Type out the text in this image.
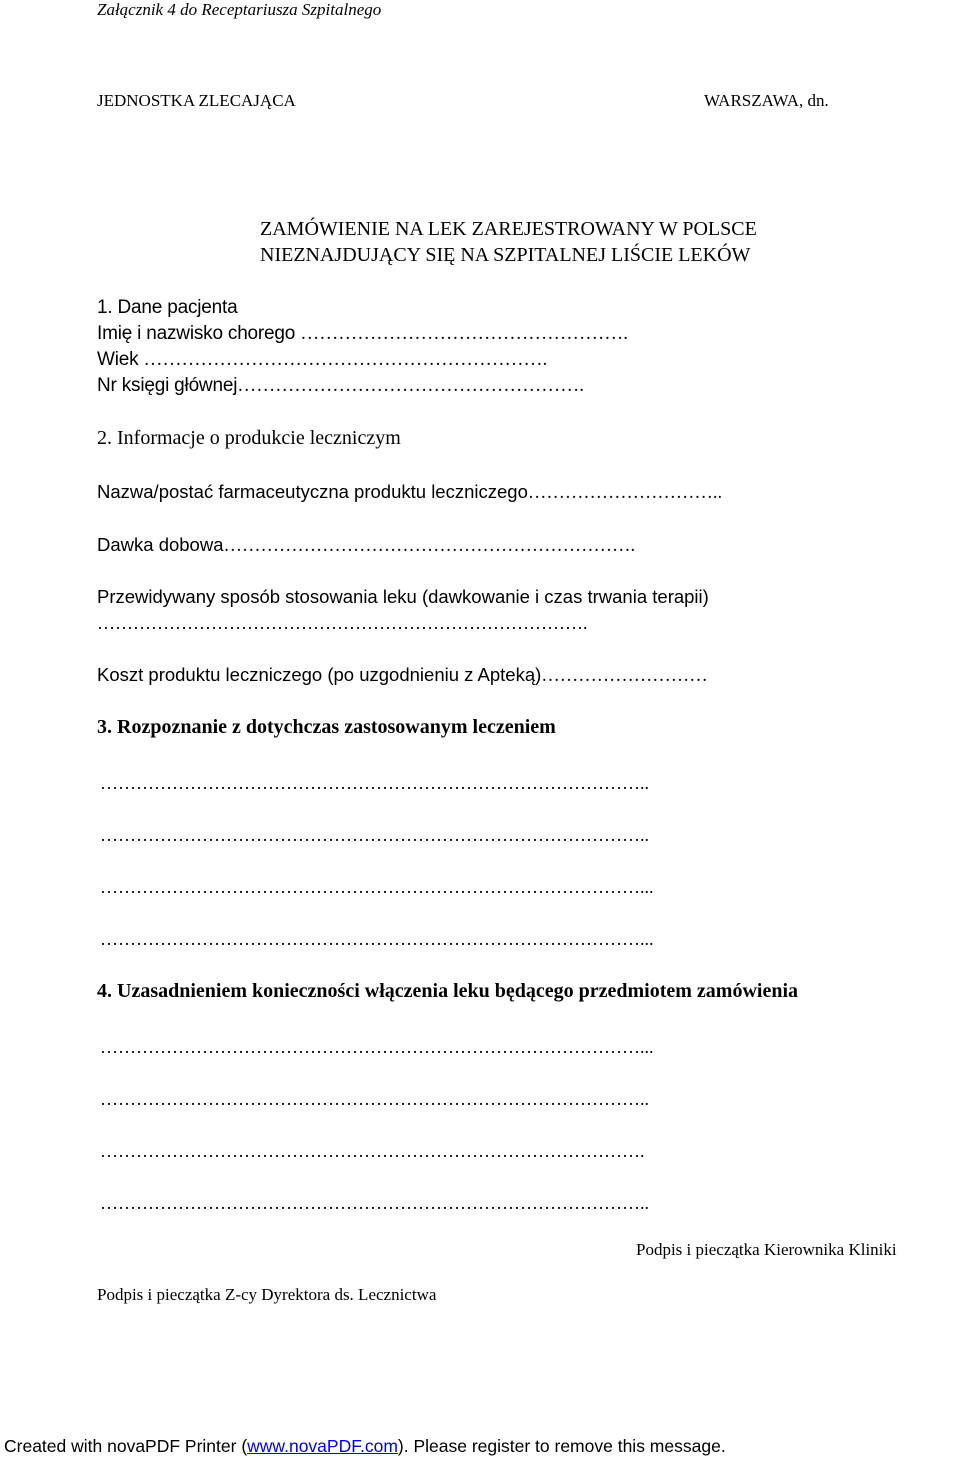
Załącznik 4 do Receptariusza Szpitalnego
JEDNOSTKA ZLECAJĄCA	WARSZAWA, dn.
ZAMÓWIENIE NA LEK ZAREJESTROWANY W POLSCE
NIEZNAJDUJĄCY SIĘ NA SZPITALNEJ LIŚCIE LEKÓW
1. Dane pacjenta
Imię i nazwisko chorego …………………………………………….
Wiek ……………………………………………………….
Nr księgi głównej……………………………………………….
2. Informacje o produkcie leczniczym
Nazwa/postać farmaceutyczna produktu leczniczego…………………………..
Dawka dobowa………………………………………………………….
Przewidywany sposób stosowania leku (dawkowanie i czas trwania terapii)
……………………………………………………………………….
Koszt produktu leczniczego (po uzgodnieniu z Apteką)………………………
3. Rozpoznanie z dotychczas zastosowanym leczeniem
………………………………………………………………………………..
………………………………………………………………………………..
………………………………………………………………………………...
………………………………………………………………………………...
4. Uzasadnieniem konieczności włączenia leku będącego przedmiotem zamówienia
………………………………………………………………………………...
………………………………………………………………………………..
……………………………………………………………………………….
………………………………………………………………………………..
Podpis i pieczątka Kierownika Kliniki
Podpis i pieczątka Z-cy Dyrektora ds. Lecznictwa
Created with novaPDF Printer (www.novaPDF.com). Please register to remove this message.
